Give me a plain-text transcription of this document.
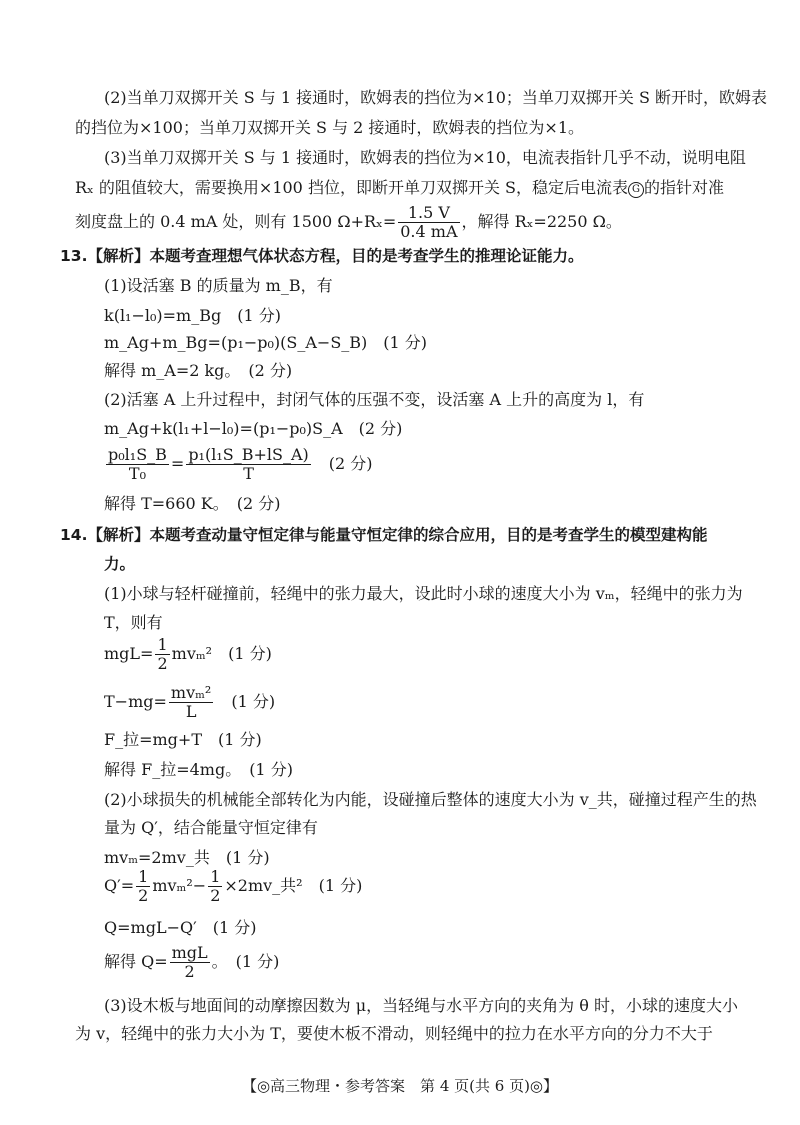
(2)当单刀双掷开关 S 与 1 接通时，欧姆表的挡位为×10；当单刀双掷开关 S 断开时，欧姆表
的挡位为×100；当单刀双掷开关 S 与 2 接通时，欧姆表的挡位为×1。
(3)当单刀双掷开关 S 与 1 接通时，欧姆表的挡位为×10，电流表指针几乎不动，说明电阻
Rₓ 的阻值较大，需要换用×100 挡位，即断开单刀双掷开关 S，稳定后电流表 G 的指针对准
刻度盘上的 0.4 mA 处，则有 1500 $\Omega+R_x= \frac{1.5 V}{0.4 mA}$ ，解得 Rₓ=2250 Ω。
13.【解析】本题考查理想气体状态方程，目的是考查学生的推理论证能力。
(1)设活塞 B 的质量为 m_B，有
k(l₁−l₀)=m_Bg　(1 分)
m_Ag+m_Bg=(p₁−p₀)(S_A−S_B)　(1 分)
解得 m_A=2 kg。　(2 分)
(2)活塞 A 上升过程中，封闭气体的压强不变，设活塞 A 上升的高度为 l，有
m_Ag+k(l₁+l−l₀)=(p₁−p₀)S_A　(2 分)
$\frac{\text{p₀l₁S\_B}}{\text{T₀}} = \frac{\text{p₁(l₁S\_B+lS\_A)}}{T}$
　 (2 分)
解得 T=660 K。　(2 分)
14.【解析】本题考查动量守恒定律与能量守恒定律的综合应用，目的是考查学生的模型建构能
力。
(1)小球与轻杆碰撞前，轻绳中的张力最大，设此时小球的速度大小为 vₘ，轻绳中的张力为
T，则有
$mgL= \frac{1}{2} mv_m^2$　(1 分)
$T-mg= \frac{\text{mvₘ²}}{L}$
　 (1 分)
F_拉=mg+T　(1 分)
解得 F_拉=4mg。　(1 分)
(2)小球损失的机械能全部转化为内能，设碰撞后整体的速度大小为 v_共，碰撞过程产生的热
量为 Q′，结合能量守恒定律有
mvₘ=2mv_共　(1 分)
$Q'= \frac{1}{2} mv_m^2- \frac{1}{2}$ ×2mv_共²　(1 分)
Q=mgL−Q′　(1 分)
解得 $Q= \frac{\text{mgL}}{2}$ 。　(1 分)
(3)设木板与地面间的动摩擦因数为 μ，当轻绳与水平方向的夹角为 θ 时，小球的速度大小
为 v，轻绳中的张力大小为 T，要使木板不滑动，则轻绳中的拉力在水平方向的分力不大于
【◎高三物理・参考答案　第 4 页(共 6 页)◎】
